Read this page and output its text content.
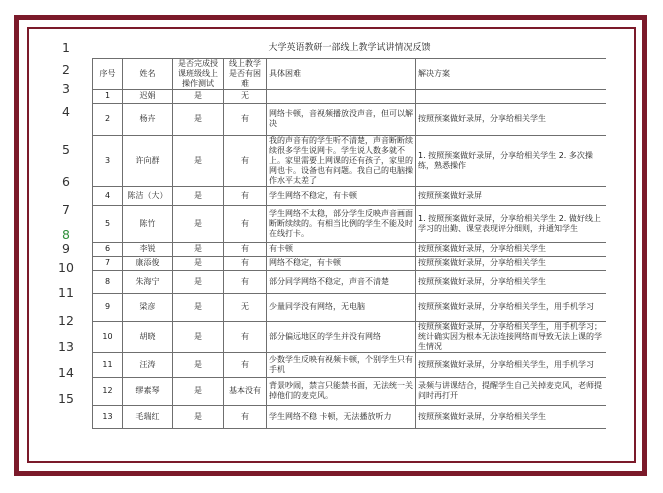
1
2
3
4
5
6
7
8
9
10
11
12
13
14
15
大学英语教研一部线上教学试讲情况反馈					
序号	姓名	是否完成授课班级线上操作测试	线上教学是否有困难	具体困难	解决方案
1	迟娟	是	无		
2	杨卉	是	有	网络卡顿，音视频播放没声音，但可以解决	按照预案做好录屏，分享给相关学生
3	许向群	是	有	我的声音有的学生听不清楚，声音断断续续很多学生说网卡。学生说人数多就不上。家里需要上网课的还有孩子，家里的网也卡。设备也有问题。我自己的电脑操作水平太差了	1. 按照预案做好录屏，分享给相关学生 2. 多次操练，熟悉操作
4	陈洁（大）	是	有	学生网络不稳定，有卡顿	按照预案做好录屏
5	陈竹	是	有	学生网络不太稳，部分学生反映声音画面断断续续的。有相当比例的学生不能及时在线打卡。	1. 按照预案做好录屏，分享给相关学生 2. 做好线上学习的出勤、课堂表现评分细则，并通知学生
6	李锐	是	有	有卡顿	按照预案做好录屏，分享给相关学生
7	康添俊	是	有	网络不稳定，有卡顿	按照预案做好录屏，分享给相关学生
8	朱海宁	是	有	部分同学网络不稳定，声音不清楚	按照预案做好录屏，分享给相关学生
9	梁彦	是	无	少量同学没有网络，无电脑	按照预案做好录屏，分享给相关学生，用手机学习
10	胡晓	是	有	部分偏远地区的学生并没有网络	按照预案做好录屏，分享给相关学生，用手机学习；统计确实因为根本无法连接网络而导致无法上课的学生情况
11	汪涛	是	有	少数学生反映有视频卡顿，个别学生只有手机	按照预案做好录屏，分享给相关学生，用手机学习
12	缪素琴	是	基本没有	背景吵闹，禁言只能禁书面，无法统一关掉他们的麦克风。	录频与讲课结合，提醒学生自己关掉麦克风，老师提问时再打开
13	毛瑞红	是	有	学生网络不稳 卡顿，无法播放听力	按照预案做好录屏，分享给相关学生
